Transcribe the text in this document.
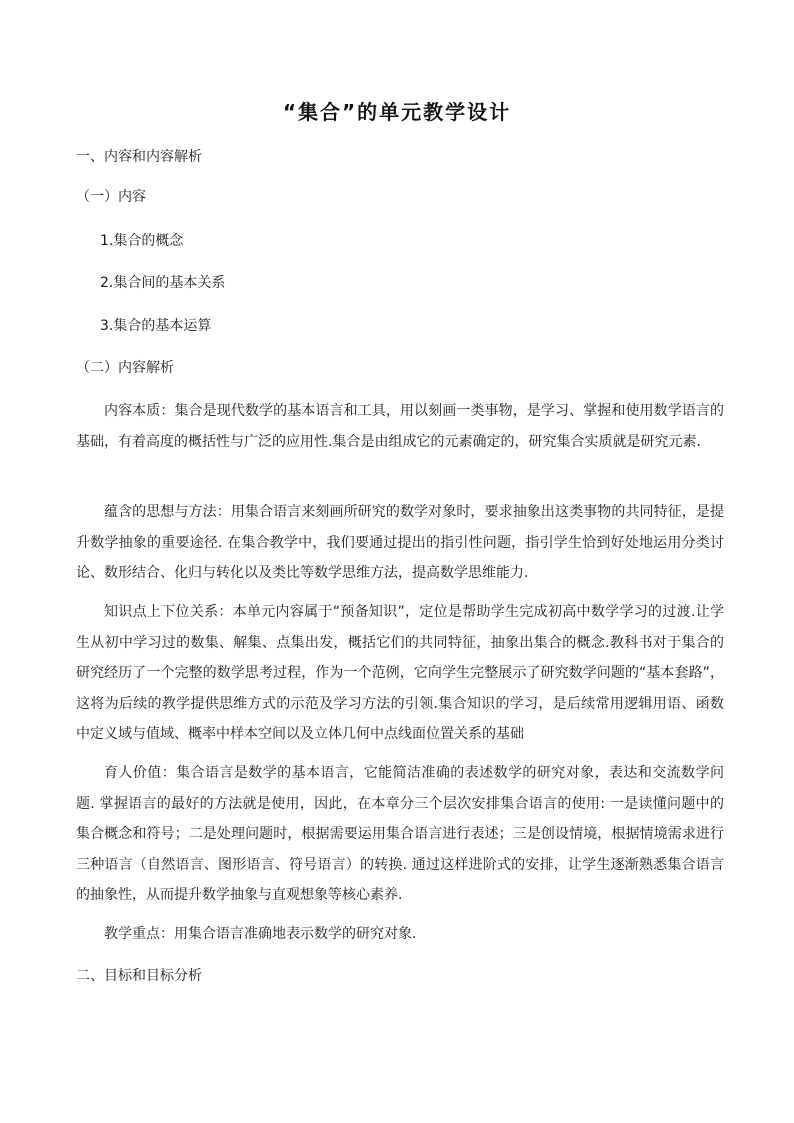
“集合”的单元教学设计
一、内容和内容解析
（一）内容
1.集合的概念
2.集合间的基本关系
3.集合的基本运算
（二）内容解析
内容本质：集合是现代数学的基本语言和工具，用以刻画一类事物，是学习、掌握和使用数学语言的基础，有着高度的概括性与广泛的应用性.集合是由组成它的元素确定的，研究集合实质就是研究元素.
蕴含的思想与方法：用集合语言来刻画所研究的数学对象时，要求抽象出这类事物的共同特征，是提升数学抽象的重要途径. 在集合教学中，我们要通过提出的指引性问题，指引学生恰到好处地运用分类讨论、数形结合、化归与转化以及类比等数学思维方法，提高数学思维能力.
知识点上下位关系：本单元内容属于“预备知识”，定位是帮助学生完成初高中数学学习的过渡.让学生从初中学习过的数集、解集、点集出发，概括它们的共同特征，抽象出集合的概念.教科书对于集合的研究经历了一个完整的数学思考过程，作为一个范例，它向学生完整展示了研究数学问题的“基本套路”，这将为后续的教学提供思维方式的示范及学习方法的引领.集合知识的学习，是后续常用逻辑用语、函数中定义域与值域、概率中样本空间以及立体几何中点线面位置关系的基础
育人价值：集合语言是数学的基本语言，它能简洁准确的表述数学的研究对象，表达和交流数学问题. 掌握语言的最好的方法就是使用，因此，在本章分三个层次安排集合语言的使用: 一是读懂问题中的集合概念和符号；二是处理问题时，根据需要运用集合语言进行表述；三是创设情境，根据情境需求进行三种语言（自然语言、图形语言、符号语言）的转换. 通过这样进阶式的安排，让学生逐渐熟悉集合语言的抽象性，从而提升数学抽象与直观想象等核心素养.
教学重点：用集合语言准确地表示数学的研究对象.
二、目标和目标分析
